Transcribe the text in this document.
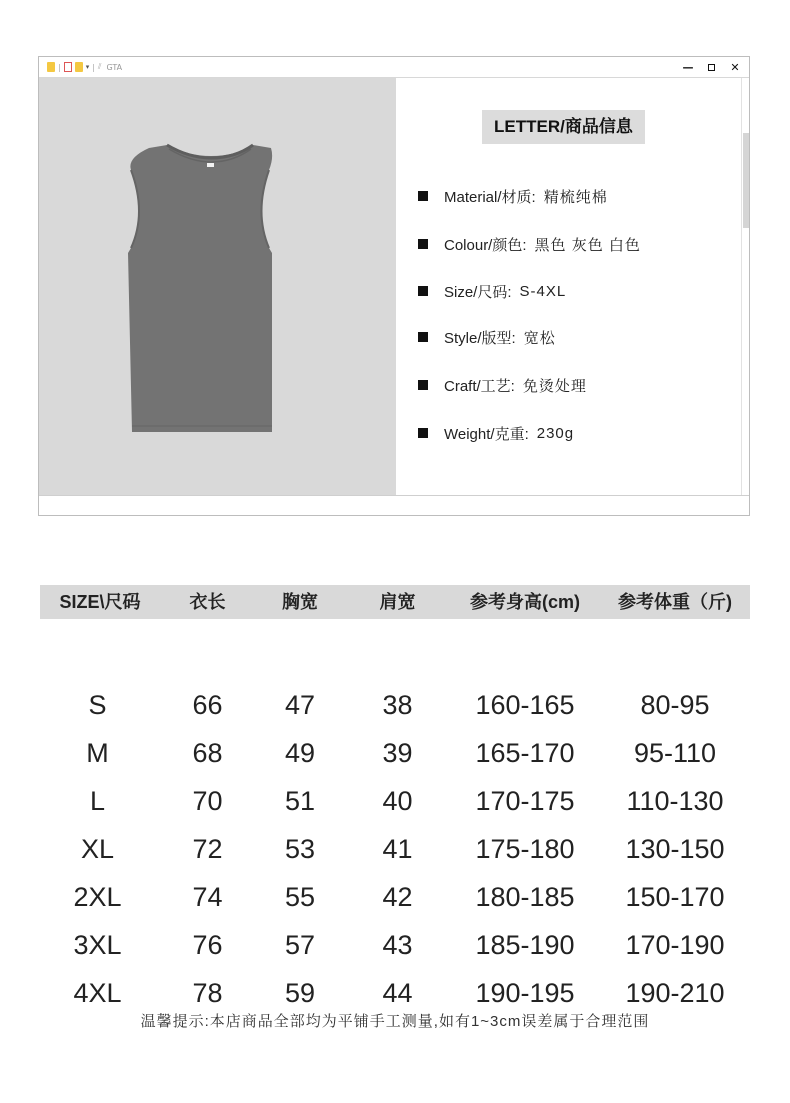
|	▾ | ⫽ GTA	—	✕
LETTER/商品信息
Material/材质: 精梳纯棉
Colour/颜色: 黑色 灰色 白色
Size/尺码: S-4XL
Style/版型: 宽松
Craft/工艺: 免烫处理
Weight/克重: 230g
SIZE\尺码	衣长	胸宽	肩宽	参考身高(cm)	参考体重（斤)
S	66	47	38	160-165	80-95
M	68	49	39	165-170	95-110
L	70	51	40	170-175	110-130
XL	72	53	41	175-180	130-150
2XL	74	55	42	180-185	150-170
3XL	76	57	43	185-190	170-190
4XL	78	59	44	190-195	190-210
温馨提示:本店商品全部均为平铺手工测量,如有1~3cm误差属于合理范围
